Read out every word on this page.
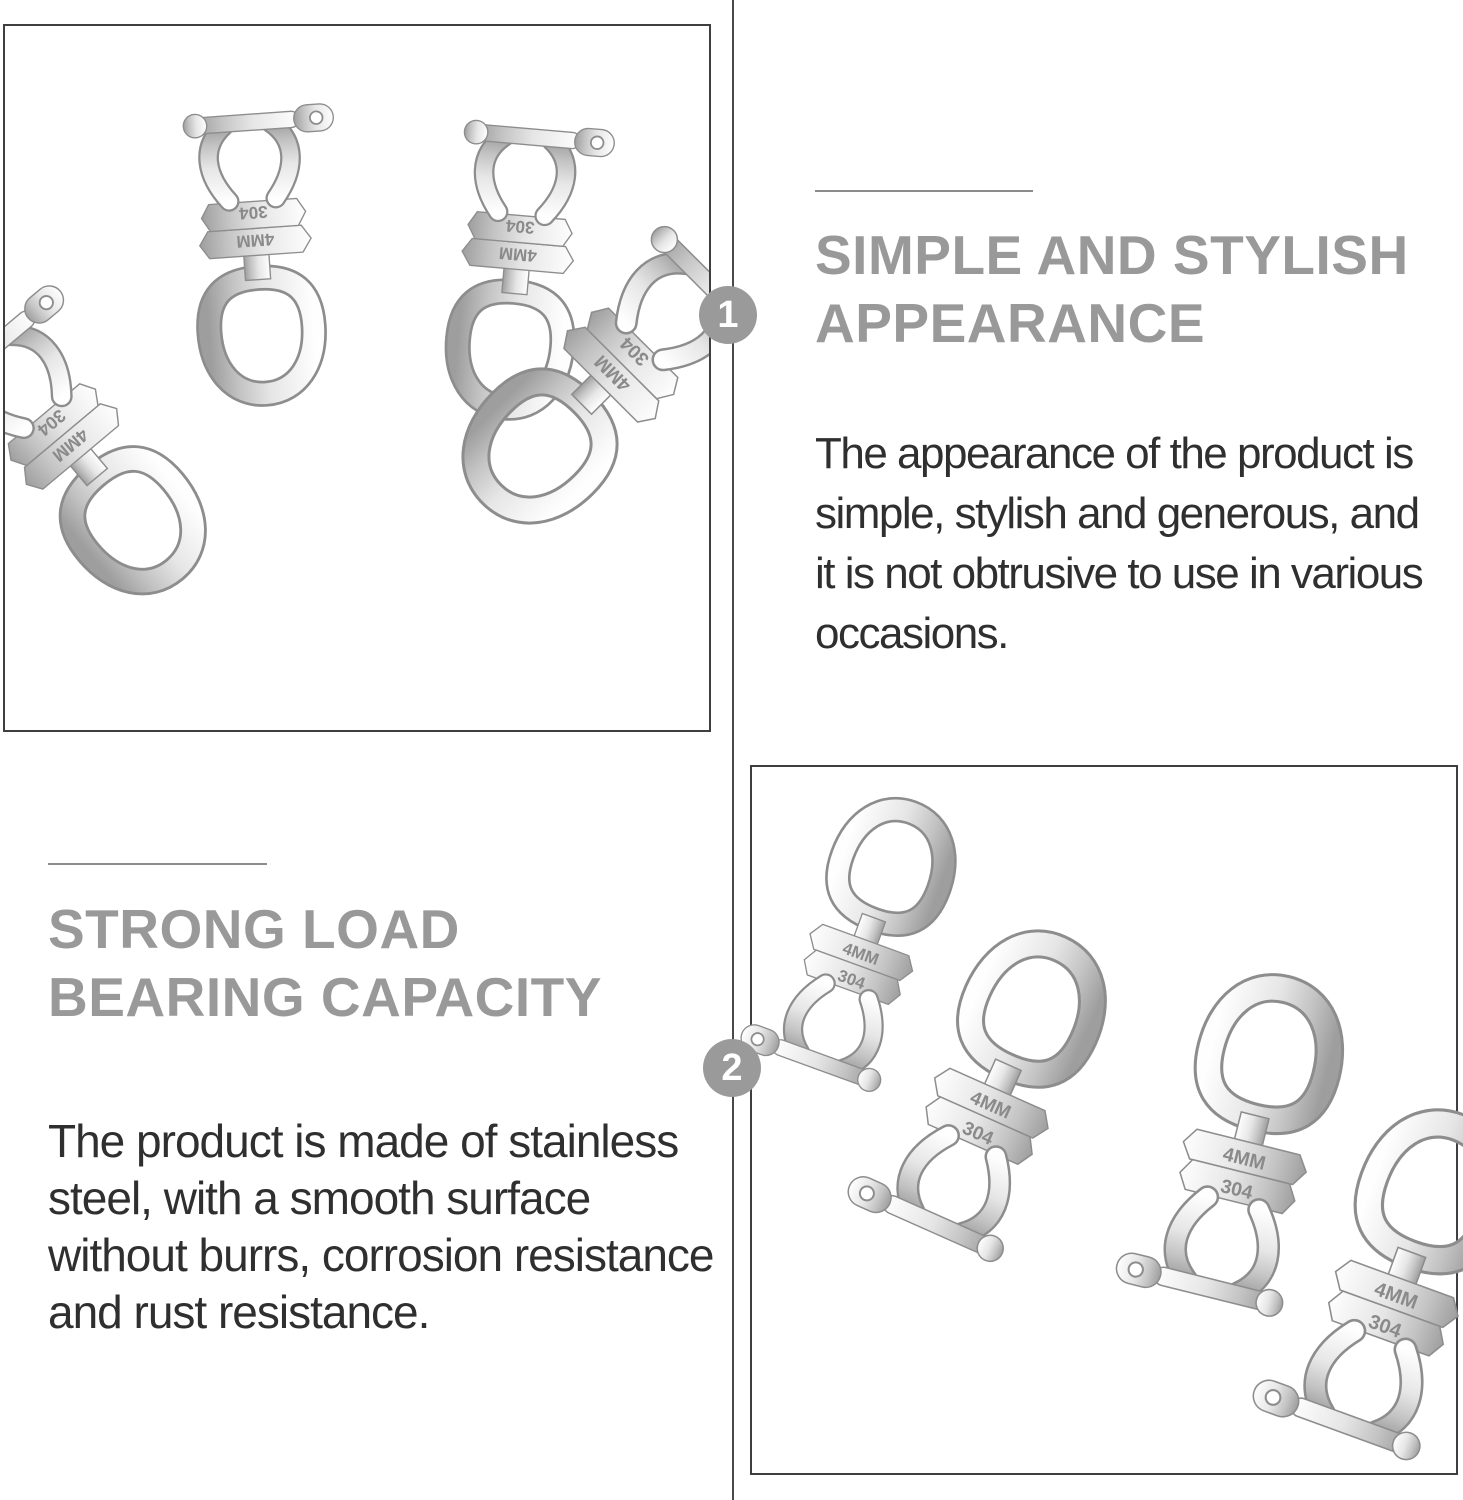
4MM
304	SIMPLE AND STYLISH
APPEARANCE
The appearance of the product is
simple, stylish and generous, and
it is not obtrusive to use in various
occasions.
STRONG LOAD
BEARING CAPACITY
The product is made of stainless
steel, with a smooth surface
without burrs, corrosion resistance
and rust resistance.
1
2
